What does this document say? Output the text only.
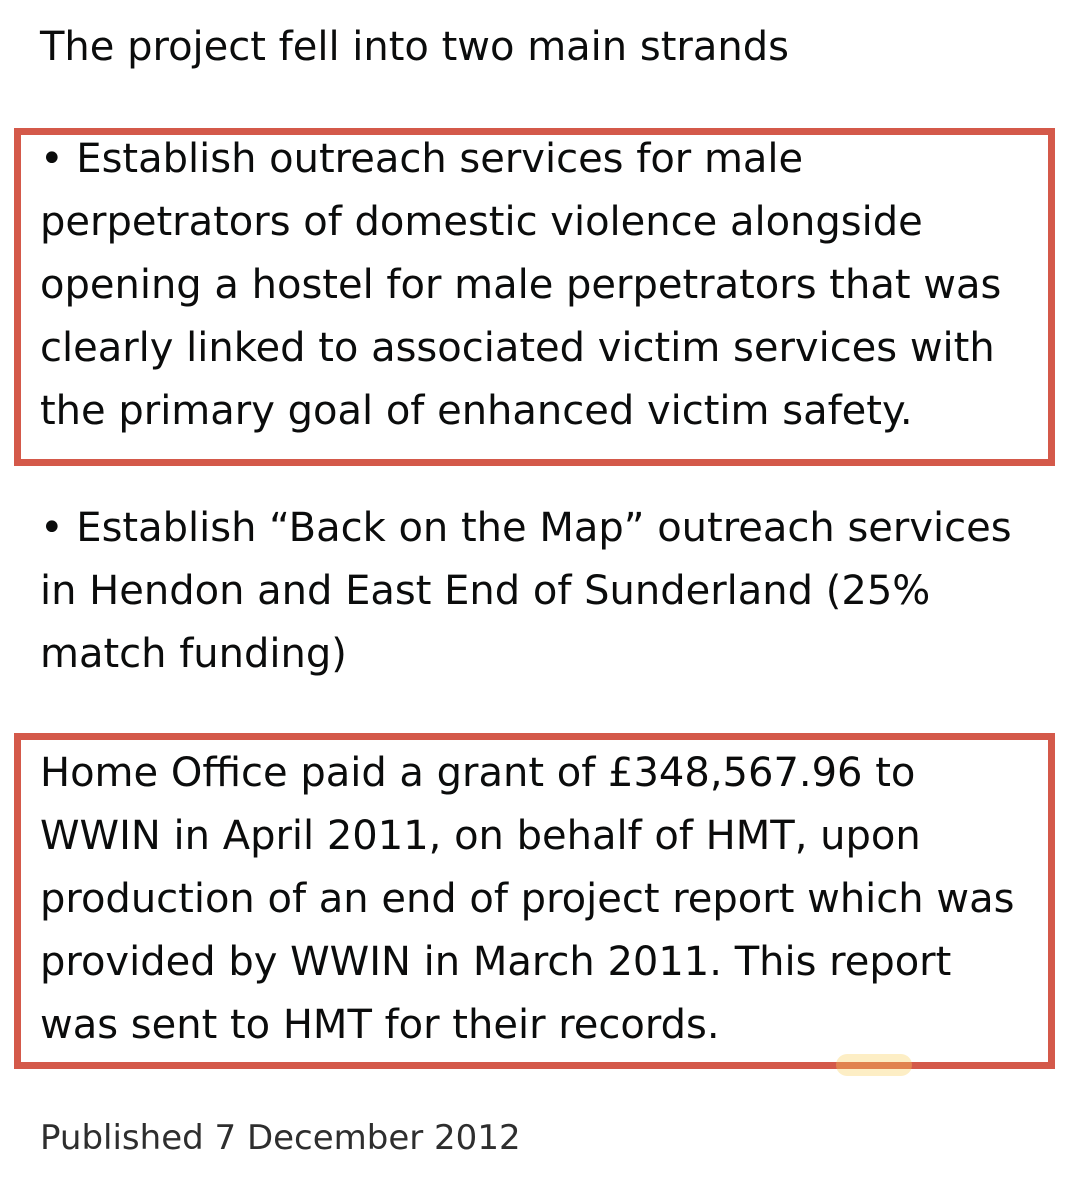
The project fell into two main strands

• Establish outreach services for male
perpetrators of domestic violence alongside
opening a hostel for male perpetrators that was
clearly linked to associated victim services with
the primary goal of enhanced victim safety.

• Establish “Back on the Map” outreach services
in Hendon and East End of Sunderland (25%
match funding)

Home Office paid a grant of £348,567.96 to
WWIN in April 2011, on behalf of HMT, upon
production of an end of project report which was
provided by WWIN in March 2011. This report
was sent to HMT for their records.

Published 7 December 2012
